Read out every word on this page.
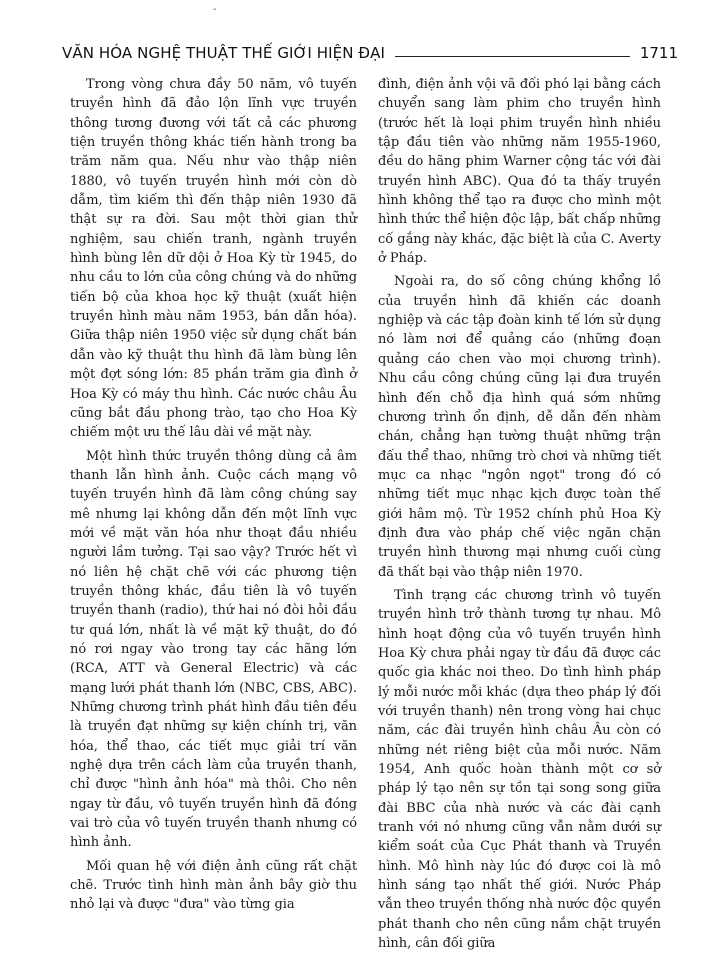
-
VĂN HÓA NGHỆ THUẬT THẾ GIỚI HIỆN ĐẠI	1711

Trong vòng chưa đầy 50 năm, vô tuyến truyền hình đã đảo lộn lĩnh vực truyền thông tương đương với tất cả các phương tiện truyền thông khác tiến hành trong ba trăm năm qua. Nếu như vào thập niên 1880, vô tuyến truyền hình mới còn dò dẫm, tìm kiếm thì đến thập niên 1930 đã thật sự ra đời. Sau một thời gian thử nghiệm, sau chiến tranh, ngành truyền hình bùng lên dữ dội ở Hoa Kỳ từ 1945, do nhu cầu to lớn của công chúng và do những tiến bộ của khoa học kỹ thuật (xuất hiện truyền hình màu năm 1953, bán dẫn hóa). Giữa thập niên 1950 việc sử dụng chất bán dẫn vào kỹ thuật thu hình đã làm bùng lên một đợt sóng lớn: 85 phần trăm gia đình ở Hoa Kỳ có máy thu hình. Các nước châu Âu cũng bắt đầu phong trào, tạo cho Hoa Kỳ chiếm một ưu thế lâu dài về mặt này.

Một hình thức truyền thông dùng cả âm thanh lẫn hình ảnh. Cuộc cách mạng vô tuyến truyền hình đã làm công chúng say mê nhưng lại không dẫn đến một lĩnh vực mới về mặt văn hóa như thoạt đầu nhiều người lầm tưởng. Tại sao vậy? Trước hết vì nó liên hệ chặt chẽ với các phương tiện truyền thông khác, đầu tiên là vô tuyến truyền thanh (radio), thứ hai nó đòi hỏi đầu tư quá lớn, nhất là về mặt kỹ thuật, do đó nó rơi ngay vào trong tay các hãng lớn (RCA, ATT và General Electric) và các mạng lưới phát thanh lớn (NBC, CBS, ABC). Những chương trình phát hình đầu tiên đều là truyền đạt những sự kiện chính trị, văn hóa, thể thao, các tiết mục giải trí văn nghệ dựa trên cách làm của truyền thanh, chỉ được "hình ảnh hóa" mà thôi. Cho nên ngay từ đầu, vô tuyến truyền hình đã đóng vai trò của vô tuyến truyền thanh nhưng có hình ảnh.

Mối quan hệ với điện ảnh cũng rất chặt chẽ. Trước tình hình màn ảnh bây giờ thu nhỏ lại và được "đưa" vào từng gia

đình, điện ảnh vội vã đối phó lại bằng cách chuyển sang làm phim cho truyền hình (trước hết là loại phim truyền hình nhiều tập đầu tiên vào những năm 1955-1960, đều do hãng phim Warner cộng tác với đài truyền hình ABC). Qua đó ta thấy truyền hình không thể tạo ra được cho mình một hình thức thể hiện độc lập, bất chấp những cố gắng này khác, đặc biệt là của C. Averty ở Pháp.

Ngoài ra, do số công chúng khổng lồ của truyền hình đã khiến các doanh nghiệp và các tập đoàn kinh tế lớn sử dụng nó làm nơi để quảng cáo (những đoạn quảng cáo chen vào mọi chương trình). Nhu cầu công chúng cũng lại đưa truyền hình đến chỗ địa hình quá sớm những chương trình ổn định, dễ dẫn đến nhàm chán, chẳng hạn tường thuật những trận đấu thể thao, những trò chơi và những tiết mục ca nhạc "ngôn ngọt" trong đó có những tiết mục nhạc kịch được toàn thế giới hâm mộ. Từ 1952 chính phủ Hoa Kỳ định đưa vào pháp chế việc ngăn chặn truyền hình thương mại nhưng cuối cùng đã thất bại vào thập niên 1970.

Tình trạng các chương trình vô tuyến truyền hình trở thành tương tự nhau. Mô hình hoạt động của vô tuyến truyền hình Hoa Kỳ chưa phải ngay từ đầu đã được các quốc gia khác noi theo. Do tình hình pháp lý mỗi nước mỗi khác (dựa theo pháp lý đối với truyền thanh) nên trong vòng hai chục năm, các đài truyền hình châu Âu còn có những nét riêng biệt của mỗi nước. Năm 1954, Anh quốc hoàn thành một cơ sở pháp lý tạo nên sự tồn tại song song giữa đài BBC của nhà nước và các đài cạnh tranh với nó nhưng cũng vẫn nằm dưới sự kiểm soát của Cục Phát thanh và Truyền hình. Mô hình này lúc đó được coi là mô hình sáng tạo nhất thế giới. Nước Pháp vẫn theo truyền thống nhà nước độc quyền phát thanh cho nên cũng nắm chặt truyền hình, cân đối giữa
